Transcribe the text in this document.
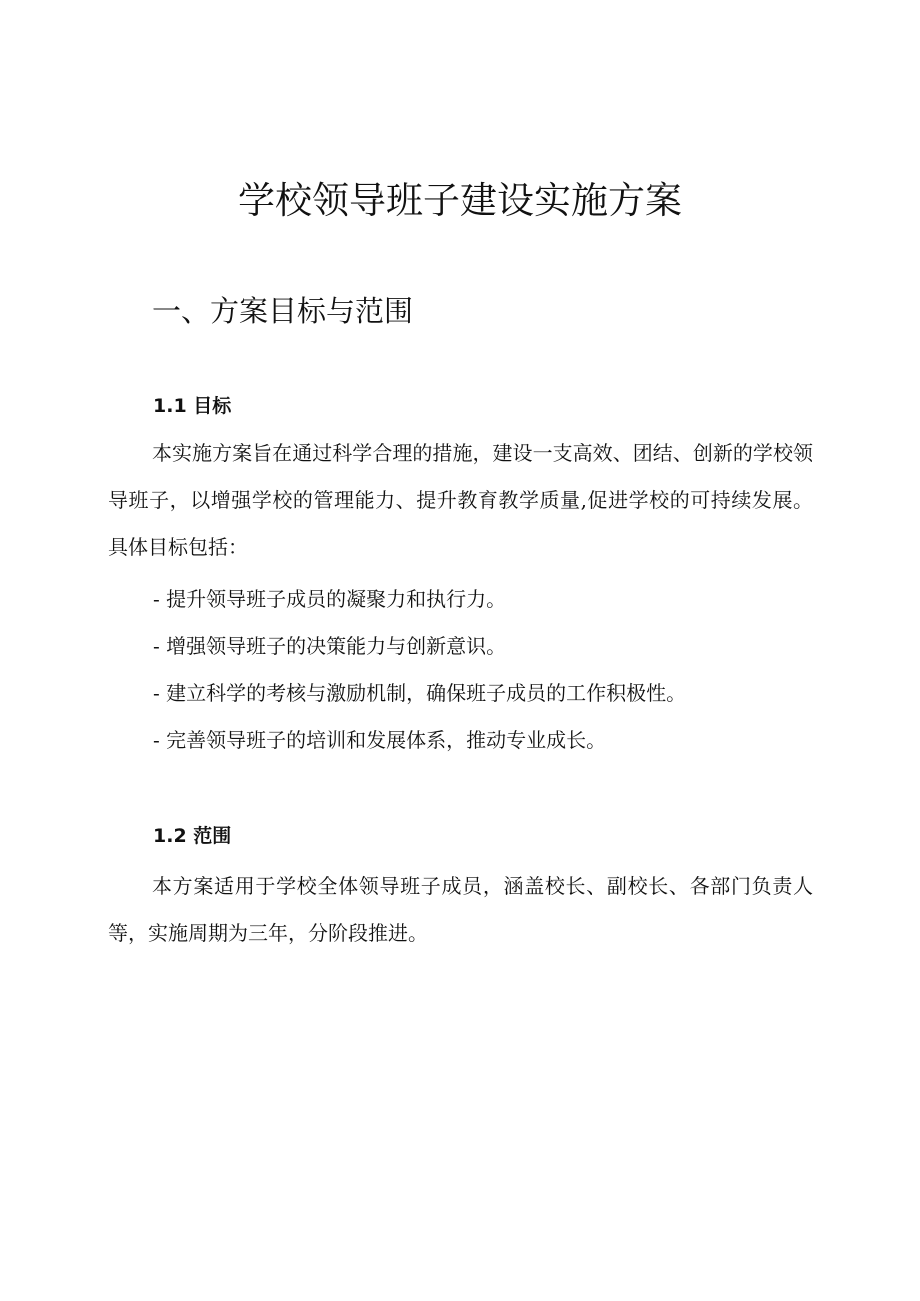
学校领导班子建设实施方案
一、方案目标与范围
1.1 目标

本实施方案旨在通过科学合理的措施，建设一支高效、团结、创新的学校领导班子，以增强学校的管理能力、提升教育教学质量,促进学校的可持续发展。具体目标包括：

- 提升领导班子成员的凝聚力和执行力。
- 增强领导班子的决策能力与创新意识。
- 建立科学的考核与激励机制，确保班子成员的工作积极性。
- 完善领导班子的培训和发展体系，推动专业成长。
1.2 范围

本方案适用于学校全体领导班子成员，涵盖校长、副校长、各部门负责人等，实施周期为三年，分阶段推进。
